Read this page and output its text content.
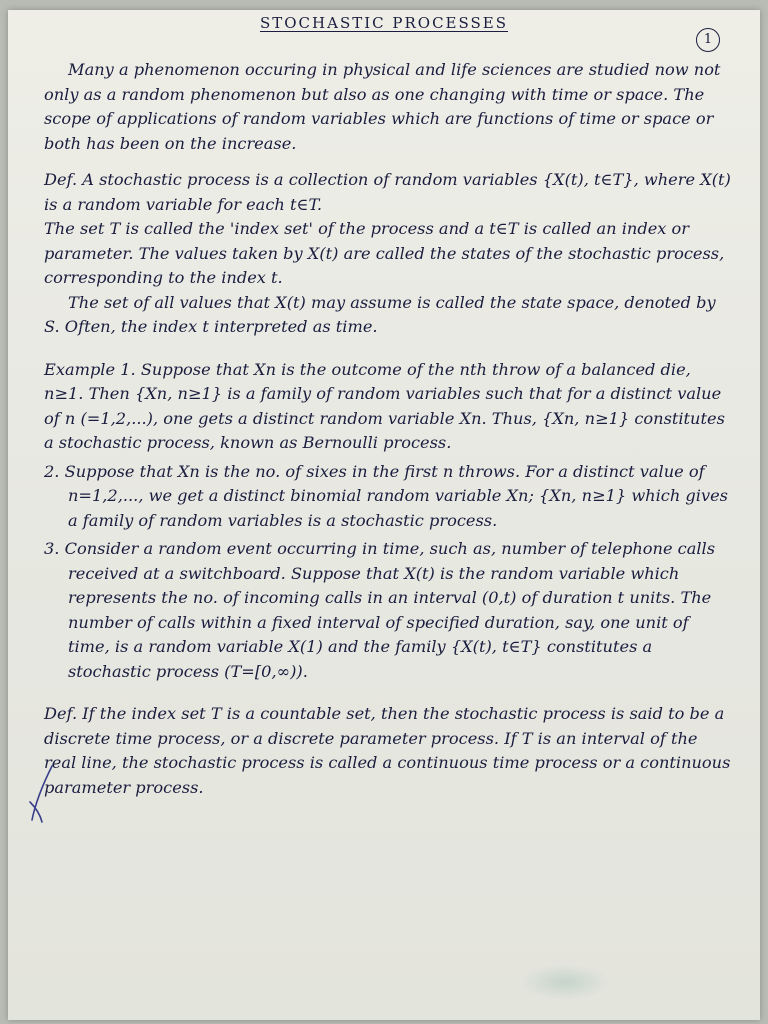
STOCHASTIC PROCESSES
1

Many a phenomenon occuring in physical and life sciences are studied now not only as a random phenomenon but also as one changing with time or space. The scope of applications of random variables which are functions of time or space or both has been on the increase.

Def. A stochastic process is a collection of random variables {X(t), t∈T}, where X(t) is a random variable for each t∈T.

The set T is called the 'index set' of the process and a t∈T is called an index or parameter. The values taken by X(t) are called the states of the stochastic process, corresponding to the index t.

The set of all values that X(t) may assume is called the state space, denoted by S. Often, the index t interpreted as time.

Example 1. Suppose that Xn is the outcome of the nth throw of a balanced die, n≥1. Then {Xn, n≥1} is a family of random variables such that for a distinct value of n (=1,2,...), one gets a distinct random variable Xn. Thus, {Xn, n≥1} constitutes a stochastic process, known as Bernoulli process.

2. Suppose that Xn is the no. of sixes in the first n throws. For a distinct value of n=1,2,..., we get a distinct binomial random variable Xn; {Xn, n≥1} which gives a family of random variables is a stochastic process.

3. Consider a random event occurring in time, such as, number of telephone calls received at a switchboard. Suppose that X(t) is the random variable which represents the no. of incoming calls in an interval (0,t) of duration t units. The number of calls within a fixed interval of specified duration, say, one unit of time, is a random variable X(1) and the family {X(t), t∈T} constitutes a stochastic process (T=[0,∞)).

Def. If the index set T is a countable set, then the stochastic process is said to be a discrete time process, or a discrete parameter process. If T is an interval of the real line, the stochastic process is called a continuous time process or a continuous parameter process.
